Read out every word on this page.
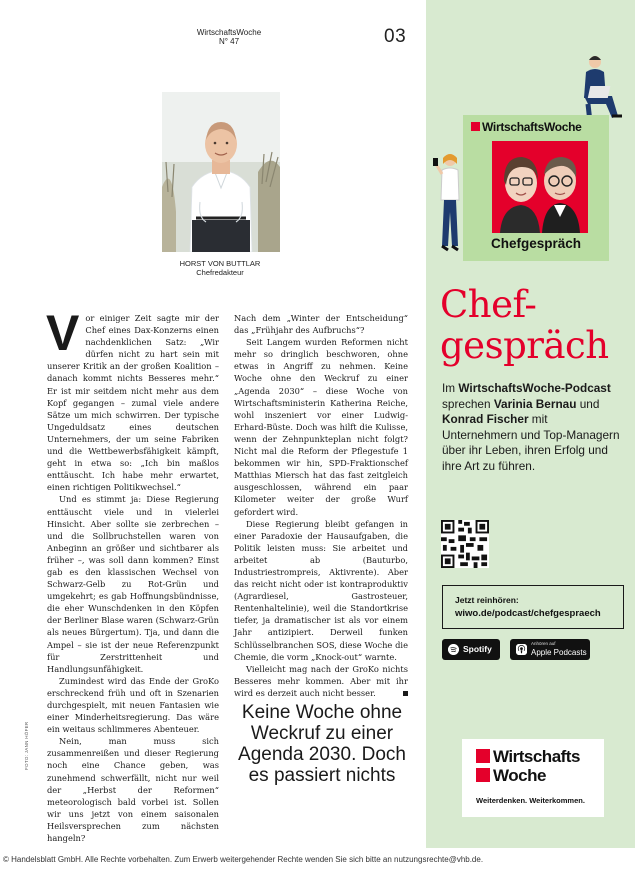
WirtschaftsWoche
N° 47	03
HORST VON BUTTLAR
Chefredakteur

Vor einiger Zeit sagte mir der Chef eines Dax-Konzerns einen nachdenklichen Satz: „Wir dürfen nicht zu hart sein mit unserer Kritik an der großen Koalition – danach kommt nichts Besseres mehr.“ Er ist mir seitdem nicht mehr aus dem Kopf gegangen – zumal viele andere Sätze um mich schwirren. Der typische Ungeduldsatz eines deutschen Unternehmers, der um seine Fabriken und die Wettbewerbsfähigkeit kämpft, geht in etwa so: „Ich bin maßlos enttäuscht. Ich habe mehr erwartet, einen richtigen Politikwechsel.“

Und es stimmt ja: Diese Regierung enttäuscht viele und in vielerlei Hinsicht. Aber sollte sie zerbrechen – und die Sollbruchstellen waren von Anbeginn an größer und sichtbarer als früher –, was soll dann kommen? Einst gab es den klassischen Wechsel von Schwarz-Gelb zu Rot-Grün und umgekehrt; es gab Hoffnungsbündnisse, die eher Wunschdenken in den Köpfen der Berliner Blase waren (Schwarz-Grün als neues Bürgertum). Tja, und dann die Ampel – sie ist der neue Referenzpunkt für Zerstrittenheit und Handlungsunfähigkeit.

Zumindest wird das Ende der GroKo erschreckend früh und oft in Szenarien durchgespielt, mit neuen Fantasien wie einer Minderheitsregierung. Das wäre ein weitaus schlimmeres Abenteuer.

Nein, man muss sich zusammenreißen und dieser Regierung noch eine Chance geben, was zunehmend schwerfällt, nicht nur weil der „Herbst der Reformen“ meteorologisch bald vorbei ist. Sollen wir uns jetzt von einem saisonalen Heilsversprechen zum nächsten hangeln?

Nach dem „Winter der Entscheidung“ das „Frühjahr des Aufbruchs“?

Seit Langem wurden Reformen nicht mehr so dringlich beschworen, ohne etwas in Angriff zu nehmen. Keine Woche ohne den Weckruf zu einer „Agenda 2030“ – diese Woche von Wirtschaftsministerin Katherina Reiche, wohl inszeniert vor einer Ludwig-Erhard-Büste. Doch was hilft die Kulisse, wenn der Zehnpunkteplan nicht folgt? Nicht mal die Reform der Pflegestufe 1 bekommen wir hin, SPD-Fraktionschef Matthias Miersch hat das fast zeitgleich ausgeschlossen, während ein paar Kilometer weiter der große Wurf gefordert wird.

Diese Regierung bleibt gefangen in einer Paradoxie der Hausaufgaben, die Politik leisten muss: Sie arbeitet und arbeitet ab (Bauturbo, Industriestrompreis, Aktivrente). Aber das reicht nicht oder ist kontraproduktiv (Agrardiesel, Gastrosteuer, Rentenhaltelinie), weil die Standortkrise tiefer, ja dramatischer ist als vor einem Jahr antizipiert. Derweil funken Schlüsselbranchen SOS, diese Woche die Chemie, die vorm „Knock-out“ warnte.

Vielleicht mag nach der GroKo nichts Besseres mehr kommen. Aber mit ihr wird es derzeit auch nicht besser.

Keine Woche ohne Weckruf zu einer Agenda 2030. Doch es passiert nichts
FOTO: JANN HÖFER
WirtschaftsWoche
Chefgespräch
Chef-
gespräch
Im WirtschaftsWoche-Podcast sprechen Varinia Bernau und Konrad Fischer mit Unternehmern und Top-Managern über ihr Leben, ihren Erfolg und ihre Art zu führen.
Jetzt reinhören:
wiwo.de/podcast/chefgespraech
Spotify
Anhören auf
Apple Podcasts
Wirtschafts
Woche
Weiterdenken. Weiterkommen.
© Handelsblatt GmbH. Alle Rechte vorbehalten. Zum Erwerb weitergehender Rechte wenden Sie sich bitte an nutzungsrechte@vhb.de.
